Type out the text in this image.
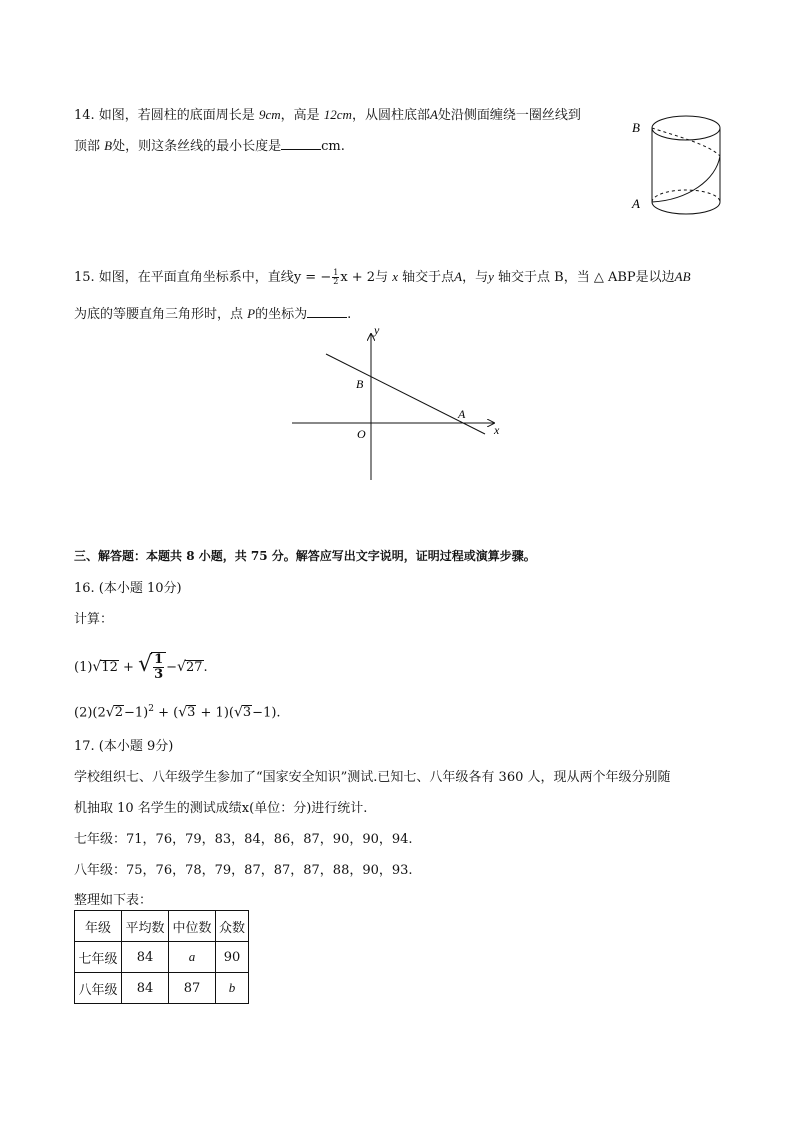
14. 如图，若圆柱的底面周长是 9cm，高是 12cm，从圆柱底部A处沿侧面缠绕一圈丝线到
顶部 B处，则这条丝线的最小长度是	cm.
B
A
15. 如图，在平面直角坐标系中，直线y = − $\frac{1}{2}$ x + 2与 x 轴交于点A，与y 轴交于点 B，当 △ ABP是以边AB
为底的等腰直角三角形时，点 P的坐标为	.
y
x
B
A
O
三、解答题：本题共 8 小题，共 75 分。解答应写出文字说明，证明过程或演算步骤。
16. (本小题 10分)
计算：
(1)√12 + √ $\frac{1}{3} -√27$.
$(2)(2√2-1)^2 + (√3 + 1)(√3-1)$.
17. (本小题 9分)
学校组织七、八年级学生参加了“国家安全知识”测试.已知七、八年级各有 360 人，现从两个年级分别随
机抽取 10 名学生的测试成绩x(单位：分)进行统计.
七年级：71，76，79，83，84，86，87，90，90，94.
八年级：75，76，78，79，87，87，87，88，90，93.
整理如下表：
年级	平均数	中位数	众数
七年级	84	a	90
八年级	84	87	b
